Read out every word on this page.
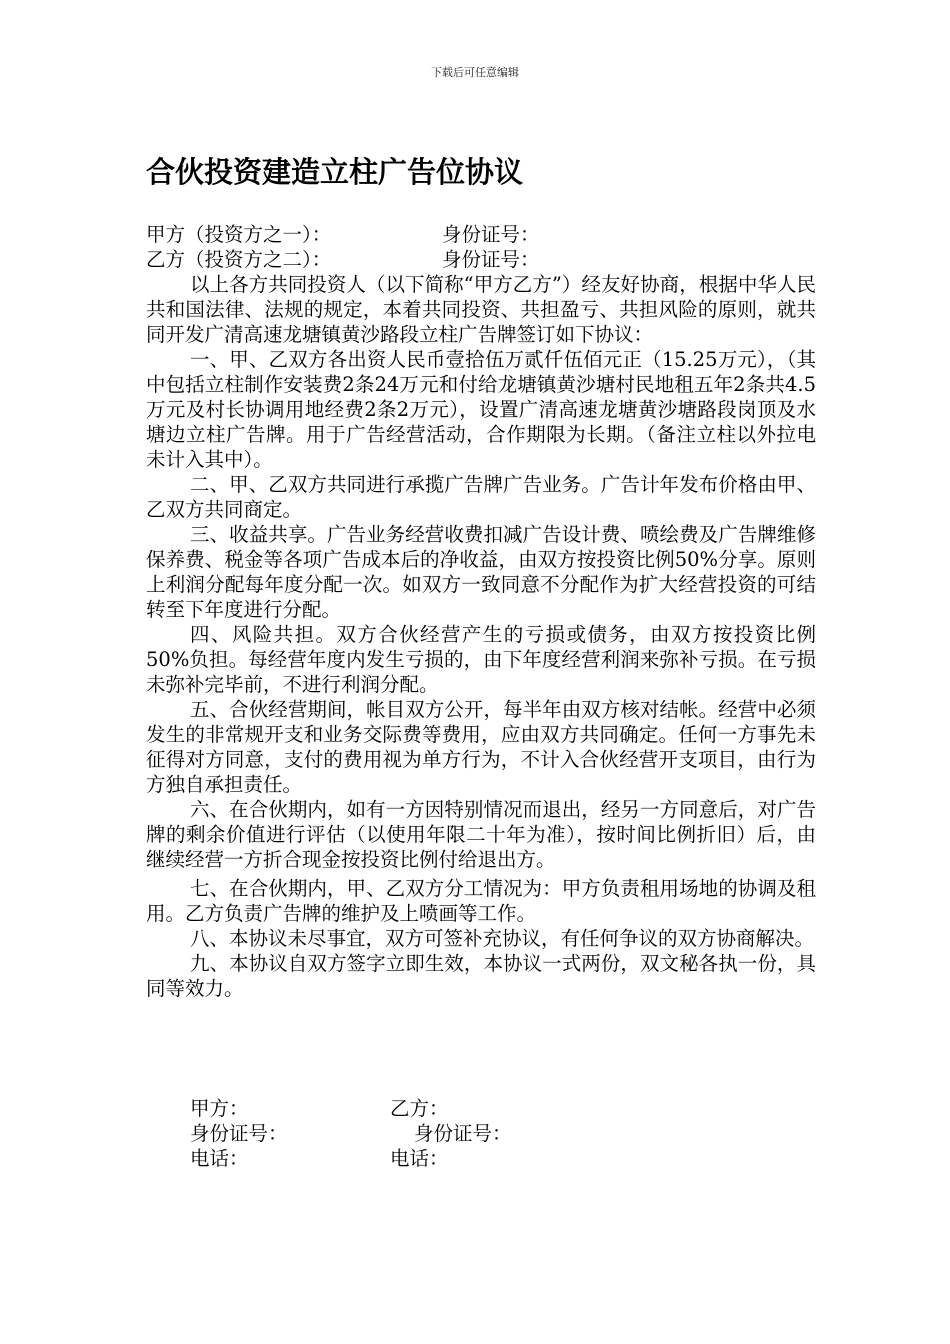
下载后可任意编辑
合伙投资建造立柱广告位协议
甲方（投资方之一）：	身份证号：
乙方（投资方之二）：	身份证号：

以上各方共同投资人（以下简称“甲方乙方”）经友好协商，根据中华人民共和国法律、法规的规定，本着共同投资、共担盈亏、共担风险的原则，就共同开发广清高速龙塘镇黄沙路段立柱广告牌签订如下协议：

一、甲、乙双方各出资人民币壹拾伍万贰仟伍佰元正（15.25万元），（其中包括立柱制作安装费2条24万元和付给龙塘镇黄沙塘村民地租五年2条共4.5万元及村长协调用地经费2条2万元），设置广清高速龙塘黄沙塘路段岗顶及水塘边立柱广告牌。用于广告经营活动，合作期限为长期。（备注立柱以外拉电未计入其中）。

二、甲、乙双方共同进行承揽广告牌广告业务。广告计年发布价格由甲、乙双方共同商定。

三、收益共享。广告业务经营收费扣减广告设计费、喷绘费及广告牌维修保养费、税金等各项广告成本后的净收益，由双方按投资比例50%分享。原则上利润分配每年度分配一次。如双方一致同意不分配作为扩大经营投资的可结转至下年度进行分配。

四、风险共担。双方合伙经营产生的亏损或债务，由双方按投资比例50%负担。每经营年度内发生亏损的，由下年度经营利润来弥补亏损。在亏损未弥补完毕前，不进行利润分配。

五、合伙经营期间，帐目双方公开，每半年由双方核对结帐。经营中必须发生的非常规开支和业务交际费等费用，应由双方共同确定。任何一方事先未征得对方同意，支付的费用视为单方行为，不计入合伙经营开支项目，由行为方独自承担责任。

六、在合伙期内，如有一方因特别情况而退出，经另一方同意后，对广告牌的剩余价值进行评估（以使用年限二十年为准），按时间比例折旧）后，由继续经营一方折合现金按投资比例付给退出方。

七、在合伙期内，甲、乙双方分工情况为：甲方负责租用场地的协调及租用。乙方负责广告牌的维护及上喷画等工作。

八、本协议未尽事宜，双方可签补充协议，有任何争议的双方协商解决。

九、本协议自双方签字立即生效，本协议一式两份，双文秘各执一份，具同等效力。

甲方：	乙方：
身份证号：	身份证号：
电话：	电话：
